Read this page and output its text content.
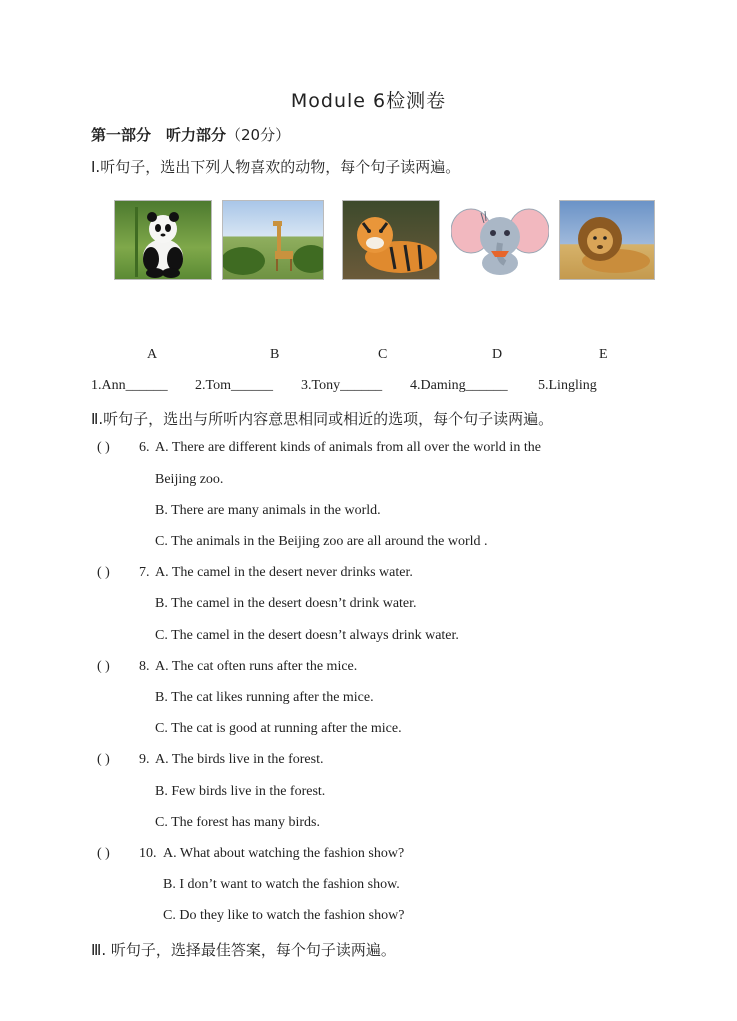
Module 6检测卷
第一部分　听力部分（20分）
Ⅰ.听句子，选出下列人物喜欢的动物，每个句子读两遍。
A	B	C	D	E
1.Ann______ 2.Tom______ 3.Tony______ 4.Daming______ 5.Lingling
Ⅱ.听句子，选出与所听内容意思相同或相近的选项，每个句子读两遍。
( ) 6. A. There are different kinds of animals from all over the world in the
Beijing zoo.
B. There are many animals in the world.
C. The animals in the Beijing zoo are all around the world .
( ) 7. A. The camel in the desert never drinks water.
B. The camel in the desert doesn’t drink water.
C. The camel in the desert doesn’t always drink water.
( ) 8. A. The cat often runs after the mice.
B. The cat likes running after the mice.
C. The cat is good at running after the mice.
( ) 9. A. The birds live in the forest.
B. Few birds live in the forest.
C. The forest has many birds.
( ) 10. A. What about watching the fashion show?
B. I don’t want to watch the fashion show.
C. Do they like to watch the fashion show?
Ⅲ. 听句子，选择最佳答案，每个句子读两遍。
